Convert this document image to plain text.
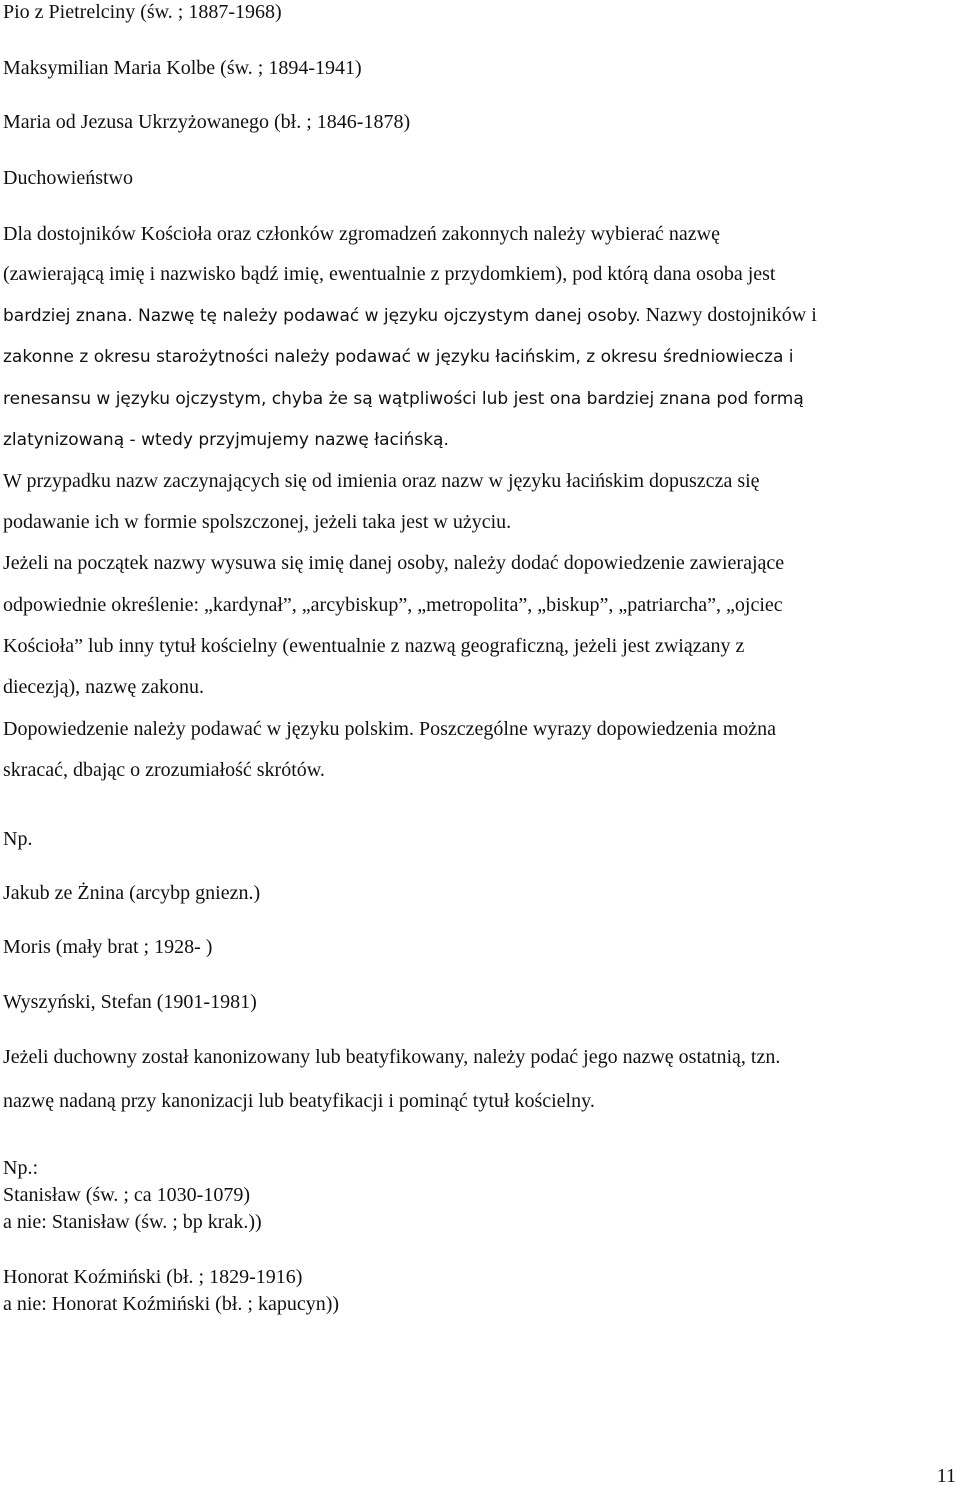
Pio z Pietrelciny (św. ; 1887-1968)

Maksymilian Maria Kolbe (św. ; 1894-1941)

Maria od Jezusa Ukrzyżowanego (bł. ; 1846-1878)

Duchowieństwo

Dla dostojników Kościoła oraz członków zgromadzeń zakonnych należy wybierać nazwę

(zawierającą imię i nazwisko bądź imię, ewentualnie z przydomkiem), pod którą dana osoba jest

bardziej znana. Nazwę tę należy podawać w języku ojczystym danej osoby. Nazwy dostojników i

zakonne z okresu starożytności należy podawać w języku łacińskim, z okresu średniowiecza i

renesansu w języku ojczystym, chyba że są wątpliwości lub jest ona bardziej znana pod formą

zlatynizowaną - wtedy przyjmujemy nazwę łacińską.

W przypadku nazw zaczynających się od imienia oraz nazw w języku łacińskim dopuszcza się

podawanie ich w formie spolszczonej, jeżeli taka jest w użyciu.

Jeżeli na początek nazwy wysuwa się imię danej osoby, należy dodać dopowiedzenie zawierające

odpowiednie określenie: „kardynał”, „arcybiskup”, „metropolita”, „biskup”, „patriarcha”, „ojciec

Kościoła” lub inny tytuł kościelny (ewentualnie z nazwą geograficzną, jeżeli jest związany z

diecezją), nazwę zakonu.

Dopowiedzenie należy podawać w języku polskim. Poszczególne wyrazy dopowiedzenia można

skracać, dbając o zrozumiałość skrótów.

Np.

Jakub ze Żnina (arcybp gniezn.)

Moris (mały brat ; 1928- )

Wyszyński, Stefan (1901-1981)

Jeżeli duchowny został kanonizowany lub beatyfikowany, należy podać jego nazwę ostatnią, tzn.

nazwę nadaną przy kanonizacji lub beatyfikacji i pominąć tytuł kościelny.

Np.:

Stanisław (św. ; ca 1030-1079)

a nie: Stanisław (św. ; bp krak.))

Honorat Koźmiński (bł. ; 1829-1916)

a nie: Honorat Koźmiński (bł. ; kapucyn))

11
